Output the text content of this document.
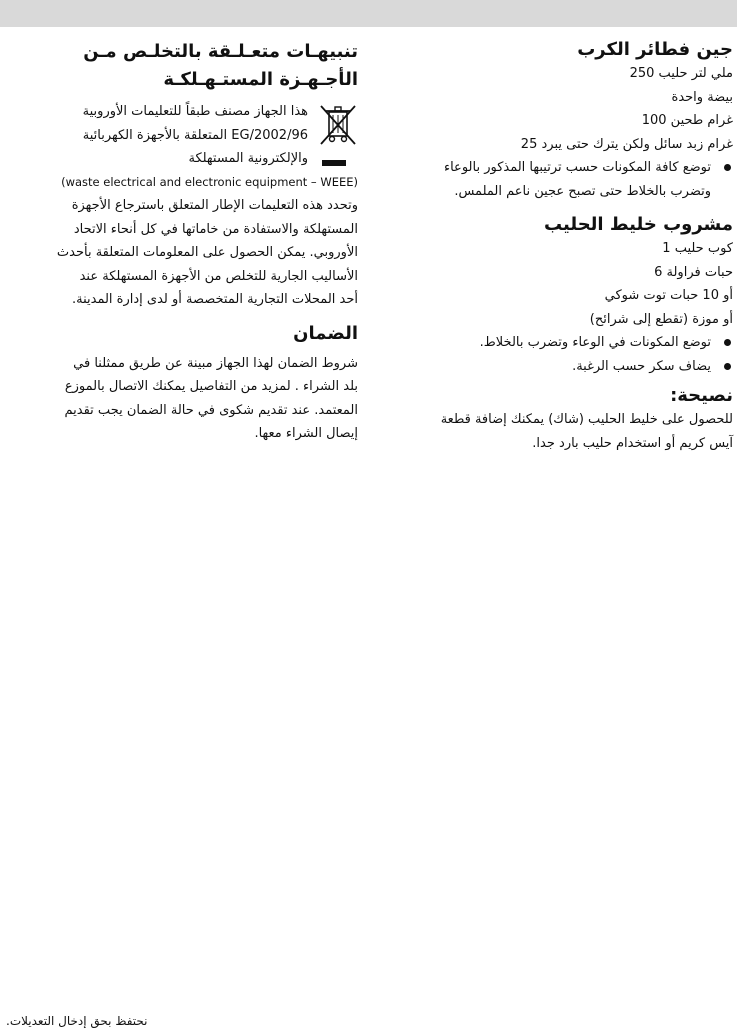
جين فطائر الكرب
250 ملي لتر حليب
بيضة واحدة
100 غرام طحين
25 غرام زبد سائل ولكن يترك حتى يبرد
توضع كافة المكونات حسب ترتيبها المذكور بالوعاء
وتضرب بالخلاط حتى تصبح عجين ناعم الملمس.
مشروب خليط الحليب
1 كوب حليب
6 حبات فراولة
أو 10 حبات توت شوكي
أو موزة (تقطع إلى شرائح)
توضع المكونات في الوعاء وتضرب بالخلاط.
يضاف سكر حسب الرغبة.
نصيحة:
للحصول على خليط الحليب (شاك) يمكنك إضافة قطعة
آيس كريم أو استخدام حليب بارد جدا.
تنبيهـات متعـلـقة بالتخلـص مـن
الأجـهـزة المستـهـلكـة
هذا الجهاز مصنف طبقاً للتعليمات الأوروبية
2002/96/EG المتعلقة بالأجهزة الكهربائية
والإلكترونية المستهلكة
(waste electrical and electronic equipment – WEEE)
وتحدد هذه التعليمات الإطار المتعلق باسترجاع الأجهزة
المستهلكة والاستفادة من خاماتها في كل أنحاء الاتحاد
الأوروبي. يمكن الحصول على المعلومات المتعلقة بأحدث
الأساليب الجارية للتخلص من الأجهزة المستهلكة عند
أحد المحلات التجارية المتخصصة أو لدى إدارة المدينة.
الضمان
شروط الضمان لهذا الجهاز مبينة عن طريق ممثلنا في
بلد الشراء . لمزيد من التفاصيل يمكنك الاتصال بالموزع
المعتمد. عند تقديم شكوى في حالة الضمان يجب تقديم
إيصال الشراء معها.
نحتفظ بحق إدخال التعديلات.
